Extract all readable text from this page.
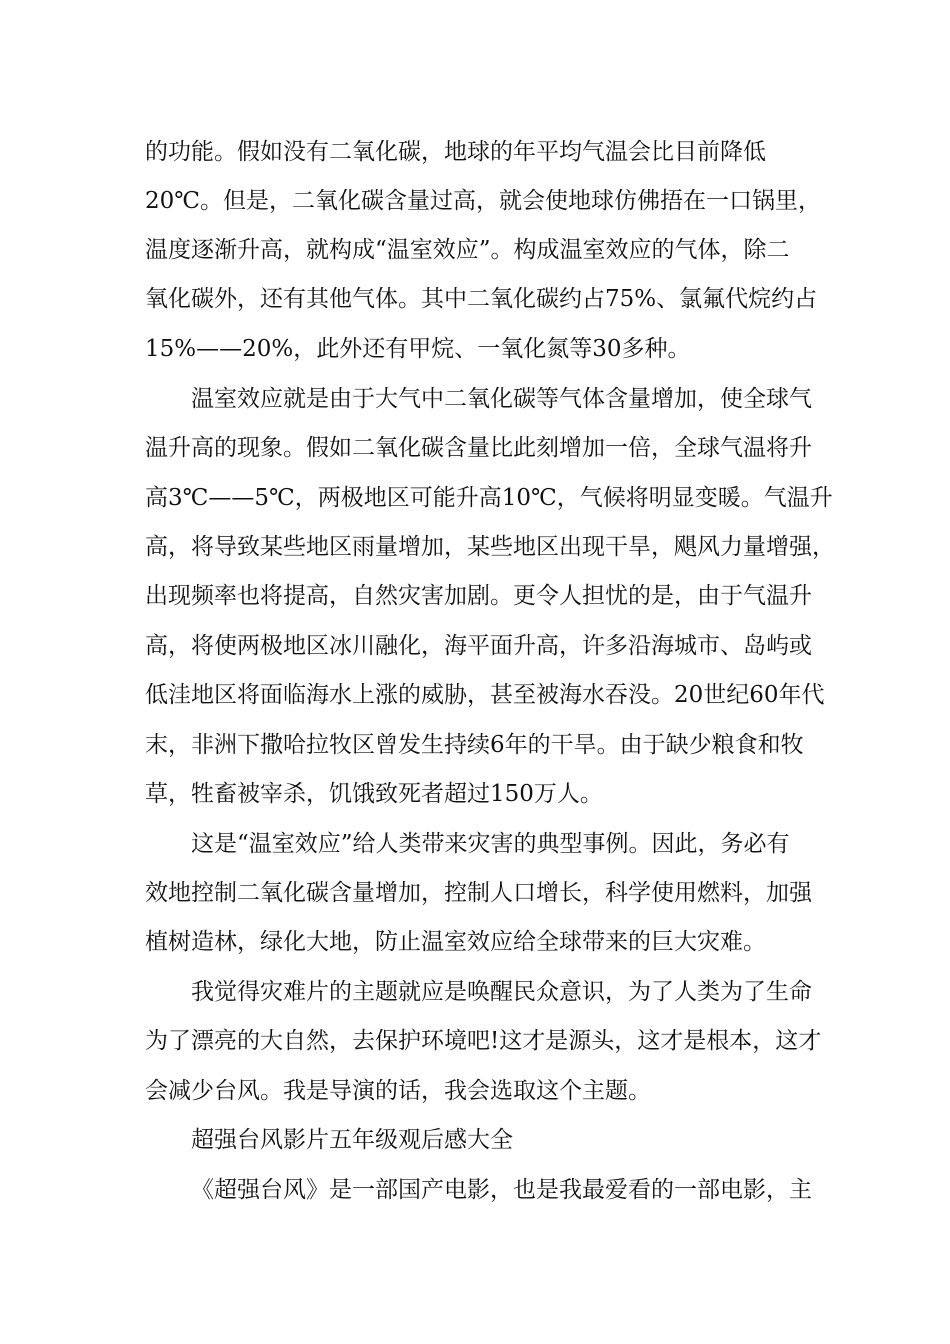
的功能。假如没有二氧化碳，地球的年平均气温会比目前降低
20℃。但是，二氧化碳含量过高，就会使地球仿佛捂在一口锅里，
温度逐渐升高，就构成“温室效应”。构成温室效应的气体，除二
氧化碳外，还有其他气体。其中二氧化碳约占75%、氯氟代烷约占
15%——20%，此外还有甲烷、一氧化氮等30多种。
温室效应就是由于大气中二氧化碳等气体含量增加，使全球气
温升高的现象。假如二氧化碳含量比此刻增加一倍，全球气温将升
高3℃——5℃，两极地区可能升高10℃，气候将明显变暖。气温升
高，将导致某些地区雨量增加，某些地区出现干旱，飓风力量增强，
出现频率也将提高，自然灾害加剧。更令人担忧的是，由于气温升
高，将使两极地区冰川融化，海平面升高，许多沿海城市、岛屿或
低洼地区将面临海水上涨的威胁，甚至被海水吞没。20世纪60年代
末，非洲下撒哈拉牧区曾发生持续6年的干旱。由于缺少粮食和牧
草，牲畜被宰杀，饥饿致死者超过150万人。
这是“温室效应”给人类带来灾害的典型事例。因此，务必有
效地控制二氧化碳含量增加，控制人口增长，科学使用燃料，加强
植树造林，绿化大地，防止温室效应给全球带来的巨大灾难。
我觉得灾难片的主题就应是唤醒民众意识，为了人类为了生命
为了漂亮的大自然，去保护环境吧!这才是源头，这才是根本，这才
会减少台风。我是导演的话，我会选取这个主题。
超强台风影片五年级观后感大全
《超强台风》是一部国产电影，也是我最爱看的一部电影，主
